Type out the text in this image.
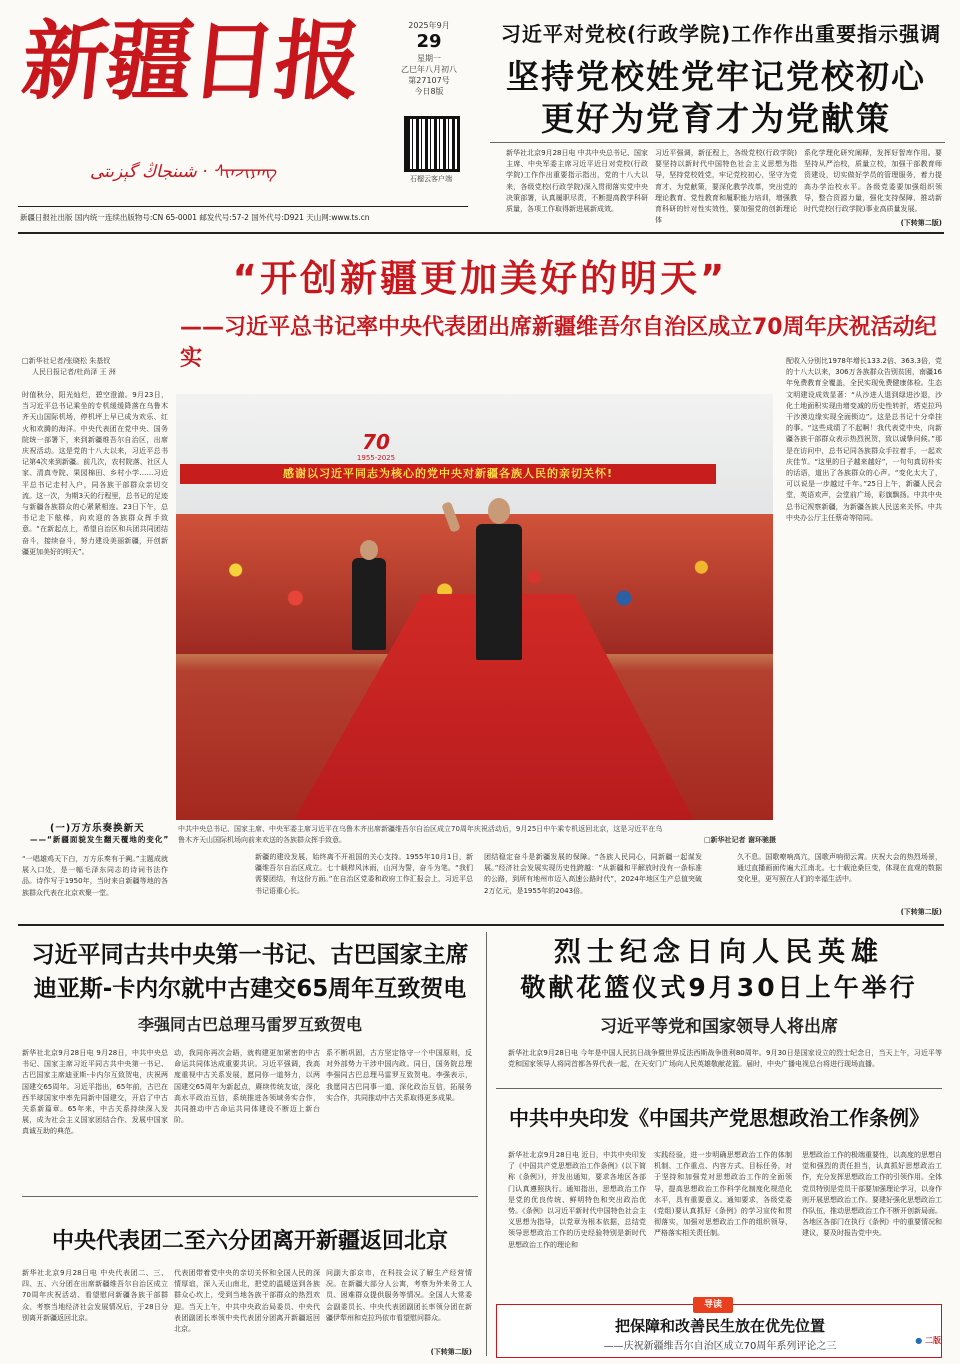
新疆日报
ﺷﯩﻨﺠﺎڭ ﮔﯧﺰﯨﺘﻰ · ᠱᠢᠨᠵᠢᠶᠠᠩ
2025年9月
29
星期一
乙巳年八月初八
第27107号
今日8版
石榴云客户端
习近平对党校(行政学院)工作作出重要指示强调
坚持党校姓党牢记党校初心
更好为党育才为党献策
新华社北京9月28日电 中共中央总书记、国家主席、中央军委主席习近平近日对党校(行政学院)工作作出重要指示指出，党的十八大以来，各级党校(行政学院)深入贯彻落实党中央决策部署，认真履职尽责，不断提高教学科研质量，各项工作取得新进展新成效。
习近平强调，新征程上，各级党校(行政学院)要坚持以新时代中国特色社会主义思想为指导，坚持党校姓党，牢记党校初心，坚守为党育才、为党献策，要深化教学改革，突出党的理论教育、党性教育和履职能力培训，增强教育科研的针对性实效性，要加强党的创新理论体
系化学理化研究阐释，发挥好智库作用。要坚持从严治校，质量立校，加强干部教育师资建设，切实做好学员的管理服务，着力提高办学治校水平。各级党委要加强组织领导，整合资源力量，强化支持保障，推动新时代党校(行政学院)事业高质量发展。
(下转第二版)
新疆日报社出版 国内统一连续出版物号:CN 65-0001 邮发代号:57-2 国外代号:D921 天山网:www.ts.cn
“开创新疆更加美好的明天”
——习近平总书记率中央代表团出席新疆维吾尔自治区成立70周年庆祝活动纪实
□新华社记者/张晓松 朱基钗
人民日报记者/杜尚泽 王 洲
时值秋分，阳光灿烂，碧空澄澈。9月23日，当习近平总书记乘坐的专机缓缓降落在乌鲁木齐天山国际机场，停机坪上早已成为欢乐、红火和欢腾的海洋。中央代表团在党中央、国务院统一部署下，来到新疆维吾尔自治区，出席庆祝活动。这是党的十八大以来，习近平总书记第4次来到新疆。前几次，农村院落、社区人家、清真寺院、果园棉田、乡村小学……习近平总书记走村入户，同各族干部群众亲切交流。这一次，为期3天的行程里，总书记的足迹与新疆各族群众的心紧紧相连。23日下午，总书记走下舷梯，向欢迎的各族群众挥手致意。“在新起点上，希望自治区和兵团共同团结奋斗，接续奋斗，努力建设美丽新疆，开创新疆更加美好的明天”。
70
1955-2025
感谢以习近平同志为核心的党中央对新疆各族人民的亲切关怀!
中共中央总书记、国家主席、中央军委主席习近平在乌鲁木齐出席新疆维吾尔自治区成立70周年庆祝活动后，9月25日中午乘专机返回北京，这是习近平在乌鲁木齐天山国际机场向前来欢送的各族群众挥手致意。	□新华社记者 谢环驰摄
配收入分别比1978年增长133.2倍、363.3倍，党的十八大以来，306万各族群众告别贫困，南疆16年免费教育全覆盖，全民实现免费健康体检。生态文明建设成效显著：“从沙进人退到绿进沙退，沙化土地面积实现由增变减的历史性转折，塔克拉玛干沙漠边缘实现全面锁边”。这是总书记十分牵挂的事。“这些成绩了不起啊！我代表党中央，向新疆各族干部群众表示热烈祝贺，致以诚挚问候。”那是在访问中，总书记同各族群众手拉着手，一起欢庆佳节。“这里的日子越来越好”，一句句真切朴实的话语，道出了各族群众的心声。“变化太大了，可以说是一步越过千年。”25日上午，新疆人民会堂，英语欢声，会堂前广场，彩旗飘扬。中共中央总书记视察新疆，为新疆各族人民送来关怀。中共中央办公厅主任蔡奇等陪同。
(一)万方乐奏换新天
——“新疆面貌发生翻天覆地的变化”
“一唱雄鸡天下白，万方乐奏有于阗。”主题成就展入口处，是一幅毛泽东同志的诗词书法作品。诗作写于1950年，当时来自新疆等地的各族群众代表在北京欢聚一堂。
新疆的建设发展，始终离不开祖国的关心支持。1955年10月1日，新疆维吾尔自治区成立。七十载栉风沐雨，山河为誓，奋斗为笔。“我们需要团结，有这份方面。”在自治区党委和政府工作汇报会上，习近平总书记语重心长。
团结稳定奋斗是新疆发展的保障。“各族人民同心，同新疆一起谋发展。”经济社会发展实现历史性跨越：“从新疆和平解放时没有一条标准的公路，到所有地州市迈入高速公路时代”，2024年地区生产总值突破2万亿元，是1955年的2043倍。
久不息。国歌嘹响高亢，国歌声响彻云霄。庆祝大会的热烈场景，通过直播画面传遍大江南北。七十载沧桑巨变，体现在直观的数据变化里，更写照在人们的幸福生活中。
(下转第二版)
习近平同古共中央第一书记、古巴国家主席
迪亚斯-卡内尔就中古建交65周年互致贺电
李强同古巴总理马雷罗互致贺电
新华社北京9月28日电 9月28日，中共中央总书记、国家主席习近平同古共中央第一书记、古巴国家主席迪亚斯-卡内尔互致贺电，庆祝两国建交65周年。习近平指出，65年前，古巴在西半球国家中率先同新中国建交，开启了中古关系新篇章。65年来，中古关系持续深入发展，成为社会主义国家团结合作、发展中国家真诚互助的典范。
动，我同你再次会晤，就构建更加紧密的中古命运共同体达成重要共识。习近平强调，我高度重视中古关系发展，愿同你一道努力，以两国建交65周年为新起点，赓续传统友谊，深化高水平政治互信，系统推进各领域务实合作，共同推动中古命运共同体建设不断迈上新台阶。
系不断巩固，古方坚定恪守一个中国原则，反对外部势力干涉中国内政。同日，国务院总理李强同古巴总理马雷罗互致贺电。李强表示，我愿同古巴同事一道，深化政治互信，拓展务实合作，共同推动中古关系取得更多成果。
中央代表团二至六分团离开新疆返回北京
新华社北京9月28日电 中央代表团二、三、四、五、六分团在出席新疆维吾尔自治区成立70周年庆祝活动、看望慰问新疆各族干部群众、考察当地经济社会发展情况后，于28日分别离开新疆返回北京。
代表团带着党中央的亲切关怀和全国人民的深情厚谊，深入天山南北，把党的温暖送到各族群众心坎上，受到当地各族干部群众的热烈欢迎。当天上午，中共中央政治局委员、中央代表团副团长率领中央代表团分团离开新疆返回北京。
问副大部京市，在科技会议了解生产经营情况。在新疆大部分人公寓，考察为外来务工人员、困难群众提供服务等情况。全国人大常委会副委员长、中央代表团副团长率领分团在新疆伊犁州和克拉玛依市看望慰问群众。
(下转第二版)
烈士纪念日向人民英雄
敬献花篮仪式9月30日上午举行
习近平等党和国家领导人将出席
新华社北京9月28日电 今年是中国人民抗日战争暨世界反法西斯战争胜利80周年。9月30日是国家设立的烈士纪念日，当天上午，习近平等党和国家领导人将同首都各界代表一起，在天安门广场向人民英雄敬献花篮。届时，中央广播电视总台将进行现场直播。
中共中央印发《中国共产党思想政治工作条例》
新华社北京9月28日电 近日，中共中央印发了《中国共产党思想政治工作条例》(以下简称《条例》)，并发出通知，要求各地区各部门认真遵照执行。通知指出，思想政治工作是党的优良传统、鲜明特色和突出政治优势。《条例》以习近平新时代中国特色社会主义思想为指导，以党章为根本依据，总结党领导思想政治工作的历史经验特别是新时代思想政治工作的理论和
实践经验，进一步明确思想政治工作的体制机制、工作重点、内容方式、目标任务，对于坚持和加强党对思想政治工作的全面领导，提高思想政治工作科学化制度化规范化水平，具有重要意义。通知要求，各级党委(党组)要认真抓好《条例》的学习宣传和贯彻落实，加强对思想政治工作的组织领导，严格落实相关责任制。
思想政治工作的极端重要性，以高度的思想自觉和强烈的责任担当，认真抓好思想政治工作，充分发挥思想政治工作的引领作用。全体党员特别是党员干部要加强理论学习，以身作则开展思想政治工作。要建好强化思想政治工作队伍，推动思想政治工作不断开创新局面。各地区各部门在执行《条例》中的重要情况和建议，要及时报告党中央。
导读
把保障和改善民生放在优先位置
——庆祝新疆维吾尔自治区成立70周年系列评论之三
● 二版
